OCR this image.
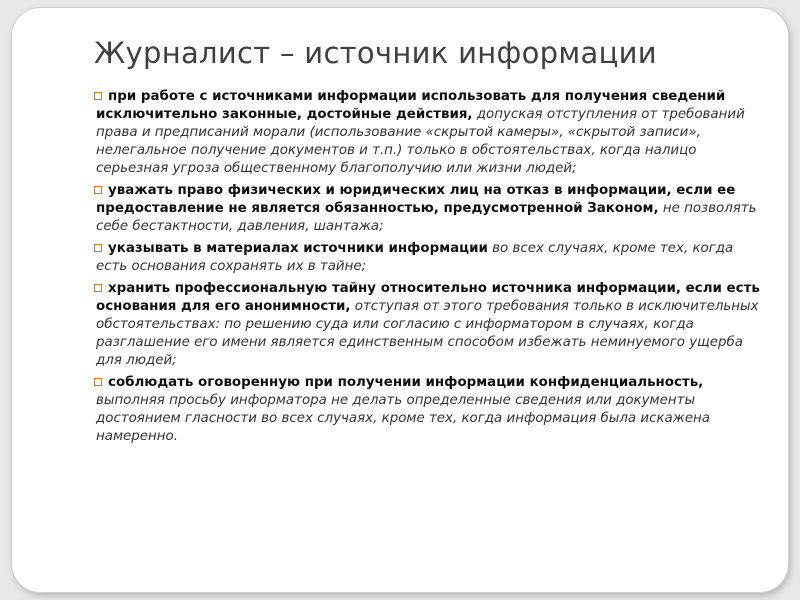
Журналист – источник информации

при работе с источниками информации использовать для получения сведений исключительно законные, достойные действия, допуская отступления от требований права и предписаний морали (использование «скрытой камеры», «скрытой записи», нелегальное получение документов и т.п.) только в обстоятельствах, когда налицо серьезная угроза общественному благополучию или жизни людей;

уважать право физических и юридических лиц на отказ в информации, если ее предоставление не является обязанностью, предусмотренной Законом, не позволять себе бестактности, давления, шантажа;

указывать в материалах источники информации во всех случаях, кроме тех, когда есть основания сохранять их в тайне;

хранить профессиональную тайну относительно источника информации, если есть основания для его анонимности, отступая от этого требования только в исключительных обстоятельствах: по решению суда или согласию с информатором в случаях, когда разглашение его имени является единственным способом избежать неминуемого ущерба для людей;

соблюдать оговоренную при получении информации конфиденциальность, выполняя просьбу информатора не делать определенные сведения или документы достоянием гласности во всех случаях, кроме тех, когда информация была искажена намеренно.
